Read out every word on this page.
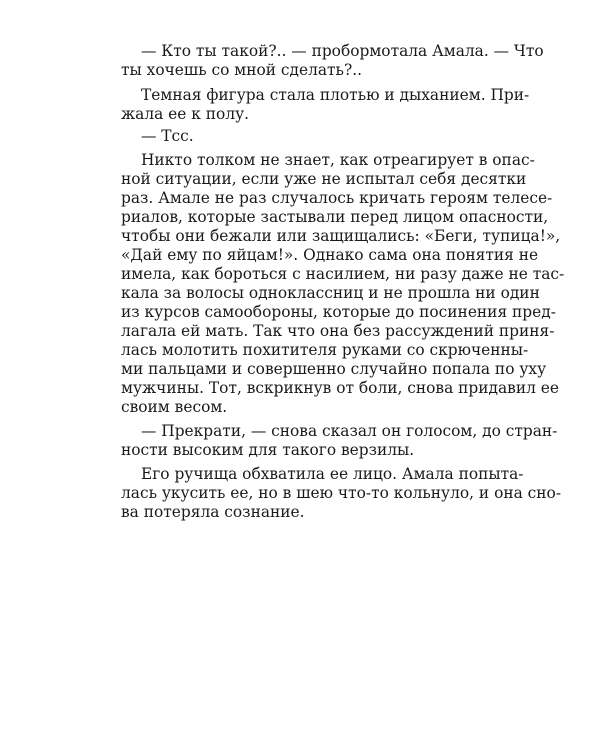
— Кто ты такой?.. — пробормотала Амала. — Что
ты хочешь со мной сделать?..
Темная фигура стала плотью и дыханием. При-
жала ее к полу.
— Тсс.
Никто толком не знает, как отреагирует в опас-
ной ситуации, если уже не испытал себя десятки
раз. Амале не раз случалось кричать героям телесе-
риалов, которые застывали перед лицом опасности,
чтобы они бежали или защищались: «Беги, тупица!»,
«Дай ему по яйцам!». Однако сама она понятия не
имела, как бороться с насилием, ни разу даже не тас-
кала за волосы одноклассниц и не прошла ни один
из курсов самообороны, которые до посинения пред-
лагала ей мать. Так что она без рассуждений приня-
лась молотить похитителя руками со скрюченны-
ми пальцами и совершенно случайно попала по уху
мужчины. Тот, вскрикнув от боли, снова придавил ее
своим весом.
— Прекрати, — снова сказал он голосом, до стран-
ности высоким для такого верзилы.
Его ручища обхватила ее лицо. Амала попыта-
лась укусить ее, но в шею что-то кольнуло, и она сно-
ва потеряла сознание.
